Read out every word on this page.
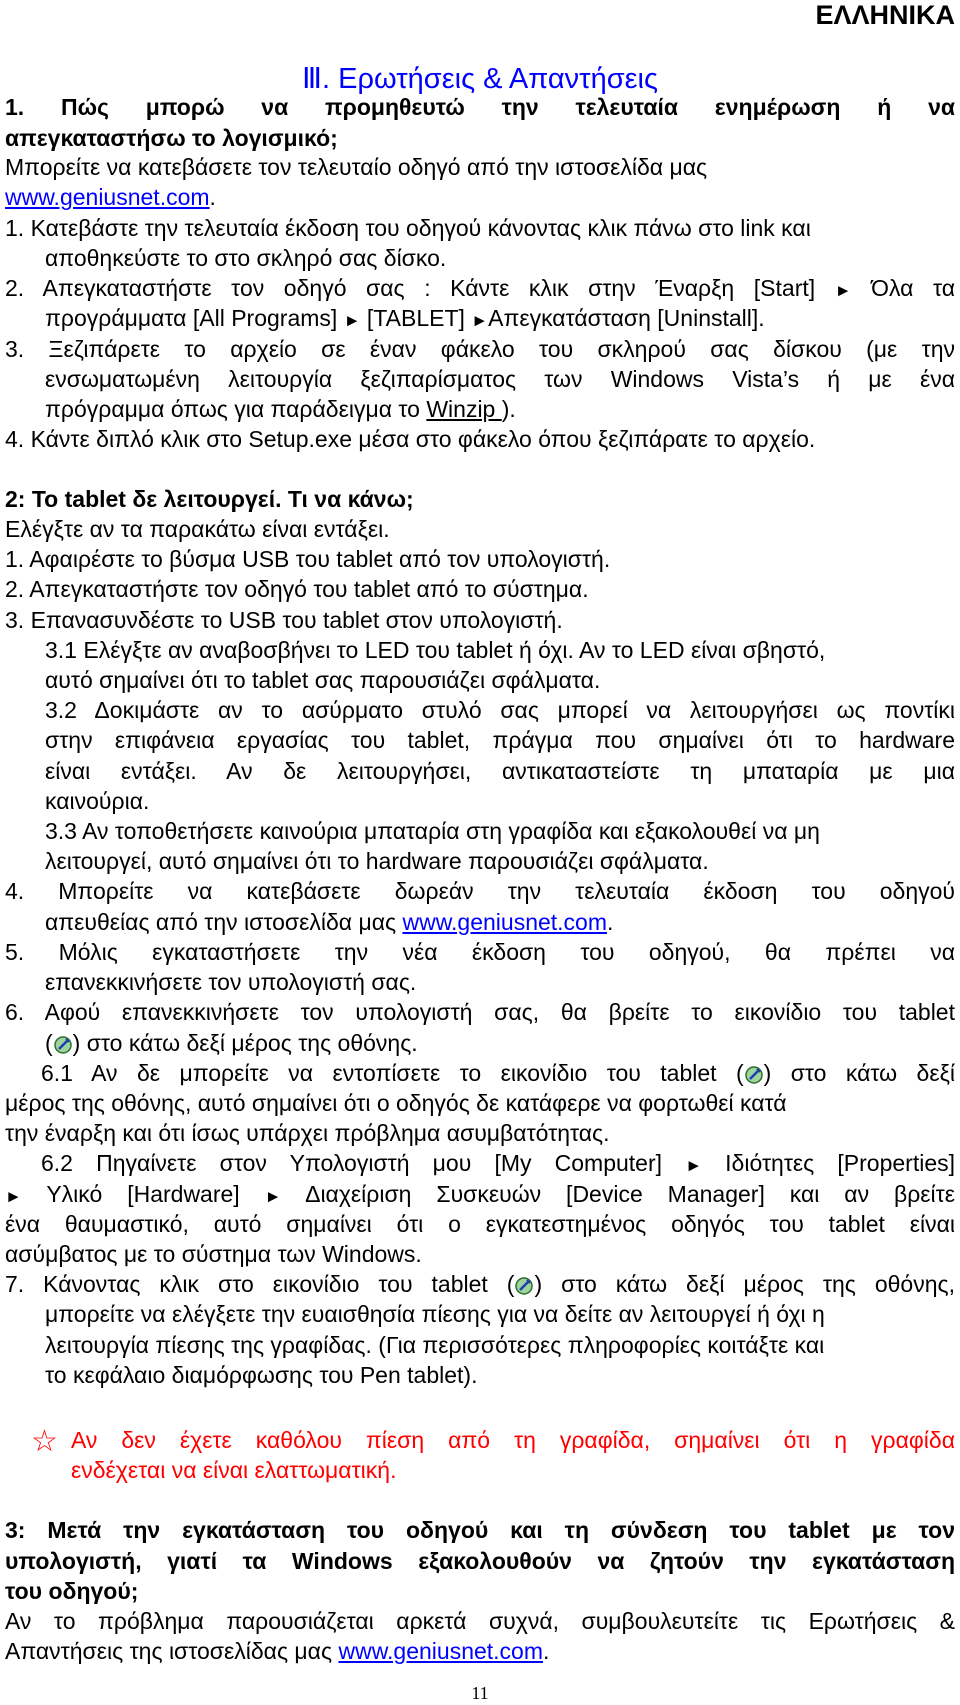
ΕΛΛΗΝΙΚΑ
Ⅲ. Ερωτήσεις & Απαντήσεις
1. Πώς μπορώ να προμηθευτώ την τελευταία ενημέρωση ή να
απεγκαταστήσω το λογισμικό;
Μπορείτε να κατεβάσετε τον τελευταίο οδηγό από την ιστοσελίδα μας
www.geniusnet.com.
1. Κατεβάστε την τελευταία έκδοση του οδηγού κάνοντας κλικ πάνω στο link και
αποθηκεύστε το στο σκληρό σας δίσκο.
2. Απεγκαταστήστε τον οδηγό σας : Κάντε κλικ στην Έναρξη [Start] ► Όλα τα
προγράμματα [All Programs] ► [TABLET] ►Απεγκατάσταση [Uninstall].
3. Ξεζιπάρετε το αρχείο σε έναν φάκελο του σκληρού σας δίσκου (με την
ενσωματωμένη λειτουργία ξεζιπαρίσματος των Windows Vista’s ή με ένα
πρόγραμμα όπως για παράδειγμα το Winzip ).
4. Κάντε διπλό κλικ στο Setup.exe μέσα στο φάκελο όπου ξεζιπάρατε το αρχείο.
2: Το tablet δε λειτουργεί. Τι να κάνω;
Ελέγξτε αν τα παρακάτω είναι εντάξει.
1. Αφαιρέστε το βύσμα USB του tablet από τον υπολογιστή.
2. Απεγκαταστήστε τον οδηγό του tablet από το σύστημα.
3. Επανασυνδέστε το USB του tablet στον υπολογιστή.
3.1 Ελέγξτε αν αναβοσβήνει το LED του tablet ή όχι. Αν το LED είναι σβηστό,
αυτό σημαίνει ότι το tablet σας παρουσιάζει σφάλματα.
3.2 Δοκιμάστε αν το ασύρματο στυλό σας μπορεί να λειτουργήσει ως ποντίκι
στην επιφάνεια εργασίας του tablet, πράγμα που σημαίνει ότι το hardware
είναι εντάξει. Αν δε λειτουργήσει, αντικαταστείστε τη μπαταρία με μια
καινούρια.
3.3 Αν τοποθετήσετε καινούρια μπαταρία στη γραφίδα και εξακολουθεί να μη
λειτουργεί, αυτό σημαίνει ότι το hardware παρουσιάζει σφάλματα.
4. Μπορείτε να κατεβάσετε δωρεάν την τελευταία έκδοση του οδηγού
απευθείας από την ιστοσελίδα μας www.geniusnet.com.
5. Μόλις εγκαταστήσετε την νέα έκδοση του οδηγού, θα πρέπει να
επανεκκινήσετε τον υπολογιστή σας.
6. Αφού επανεκκινήσετε τον υπολογιστή σας, θα βρείτε το εικονίδιο του tablet
( ) στο κάτω δεξί μέρος της οθόνης.
6.1 Αν δε μπορείτε να εντοπίσετε το εικονίδιο του tablet ( ) στο κάτω δεξί
μέρος της οθόνης, αυτό σημαίνει ότι ο οδηγός δε κατάφερε να φορτωθεί κατά
την έναρξη και ότι ίσως υπάρχει πρόβλημα ασυμβατότητας.
6.2 Πηγαίνετε στον Υπολογιστή μου [My Computer] ► Ιδιότητες [Properties]
► Υλικό [Hardware] ► Διαχείριση Συσκευών [Device Manager] και αν βρείτε
ένα θαυμαστικό, αυτό σημαίνει ότι ο εγκατεστημένος οδηγός του tablet είναι
ασύμβατος με το σύστημα των Windows.
7. Κάνοντας κλικ στο εικονίδιο του tablet ( ) στο κάτω δεξί μέρος της οθόνης,
μπορείτε να ελέγξετε την ευαισθησία πίεσης για να δείτε αν λειτουργεί ή όχι η
λειτουργία πίεσης της γραφίδας. (Για περισσότερες πληροφορίες κοιτάξτε και
το κεφάλαιο διαμόρφωσης του Pen tablet).
☆ Αν δεν έχετε καθόλου πίεση από τη γραφίδα, σημαίνει ότι η γραφίδα
ενδέχεται να είναι ελαττωματική.
3: Μετά την εγκατάσταση του οδηγού και τη σύνδεση του tablet με τον
υπολογιστή, γιατί τα Windows εξακολουθούν να ζητούν την εγκατάσταση
του οδηγού;
Αν το πρόβλημα παρουσιάζεται αρκετά συχνά, συμβουλευτείτε τις Ερωτήσεις &
Απαντήσεις της ιστοσελίδας μας www.geniusnet.com.
11
